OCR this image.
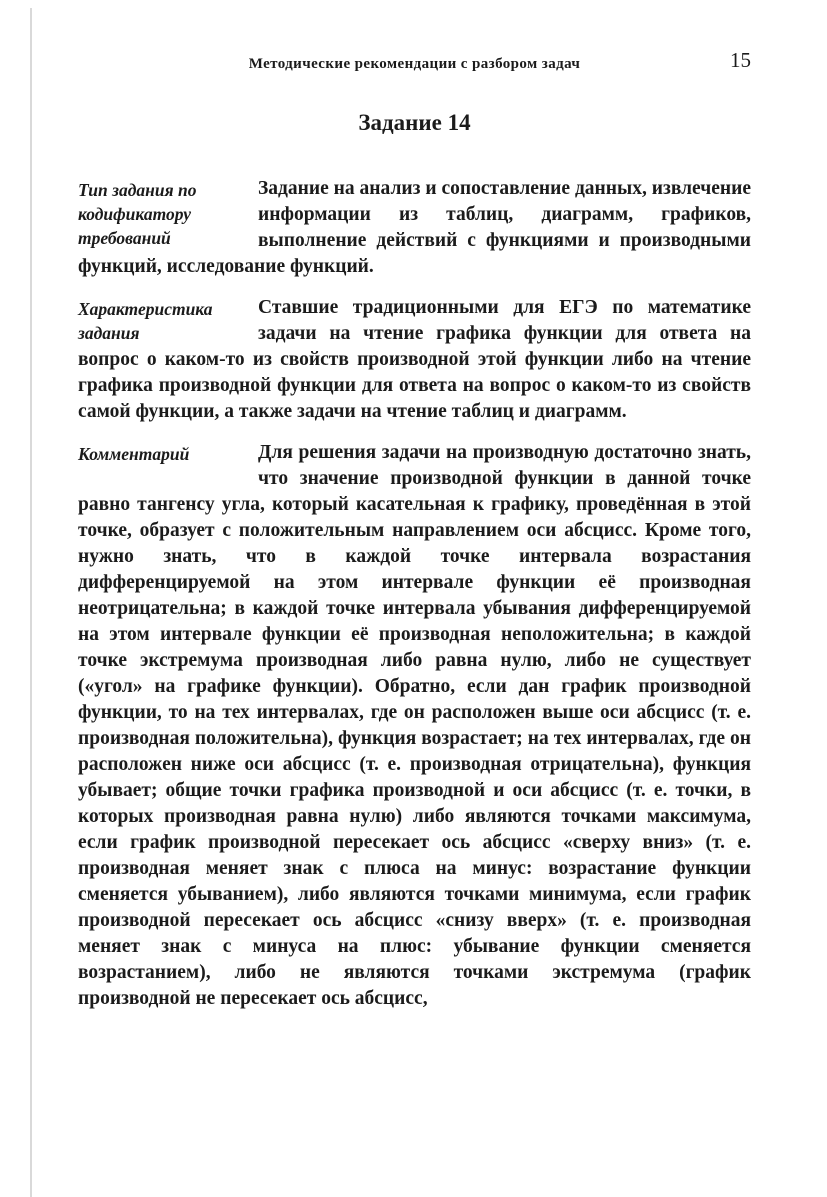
Методические рекомендации с разбором задач	15
Задание 14
Тип задания по кодификатору требований
Задание на анализ и сопоставление данных, извлечение информации из таблиц, диаграмм, графиков, выполнение действий с функциями и производными функций, исследование функций.
Характеристика задания
Ставшие традиционными для ЕГЭ по математике задачи на чтение графика функции для ответа на вопрос о каком-то из свойств производной этой функции либо на чтение графика производной функции для ответа на вопрос о каком-то из свойств самой функции, а также задачи на чтение таблиц и диаграмм.
Комментарий	Для решения задачи на производную достаточно знать, что значение производной функции в данной точке равно тангенсу угла, который касательная к графику, проведённая в этой точке, образует с положительным направлением оси абсцисс. Кроме того, нужно знать, что в каждой точке интервала возрастания дифференцируемой на этом интервале функции её производная неотрицательна; в каждой точке интервала убывания дифференцируемой на этом интервале функции её производная неположительна; в каждой точке экстремума производная либо равна нулю, либо не существует («угол» на графике функции). Обратно, если дан график производной функции, то на тех интервалах, где он расположен выше оси абсцисс (т. е. производная положительна), функция возрастает; на тех интервалах, где он расположен ниже оси абсцисс (т. е. производная отрицательна), функция убывает; общие точки графика производной и оси абсцисс (т. е. точки, в которых производная равна нулю) либо являются точками максимума, если график производной пересекает ось абсцисс «сверху вниз» (т. е. производная меняет знак с плюса на минус: возрастание функции сменяется убыванием), либо являются точками минимума, если график производной пересекает ось абсцисс «снизу вверх» (т. е. производная меняет знак с минуса на плюс: убывание функции сменяется возрастанием), либо не являются точками экстремума (график производной не пересекает ось абсцисс,
